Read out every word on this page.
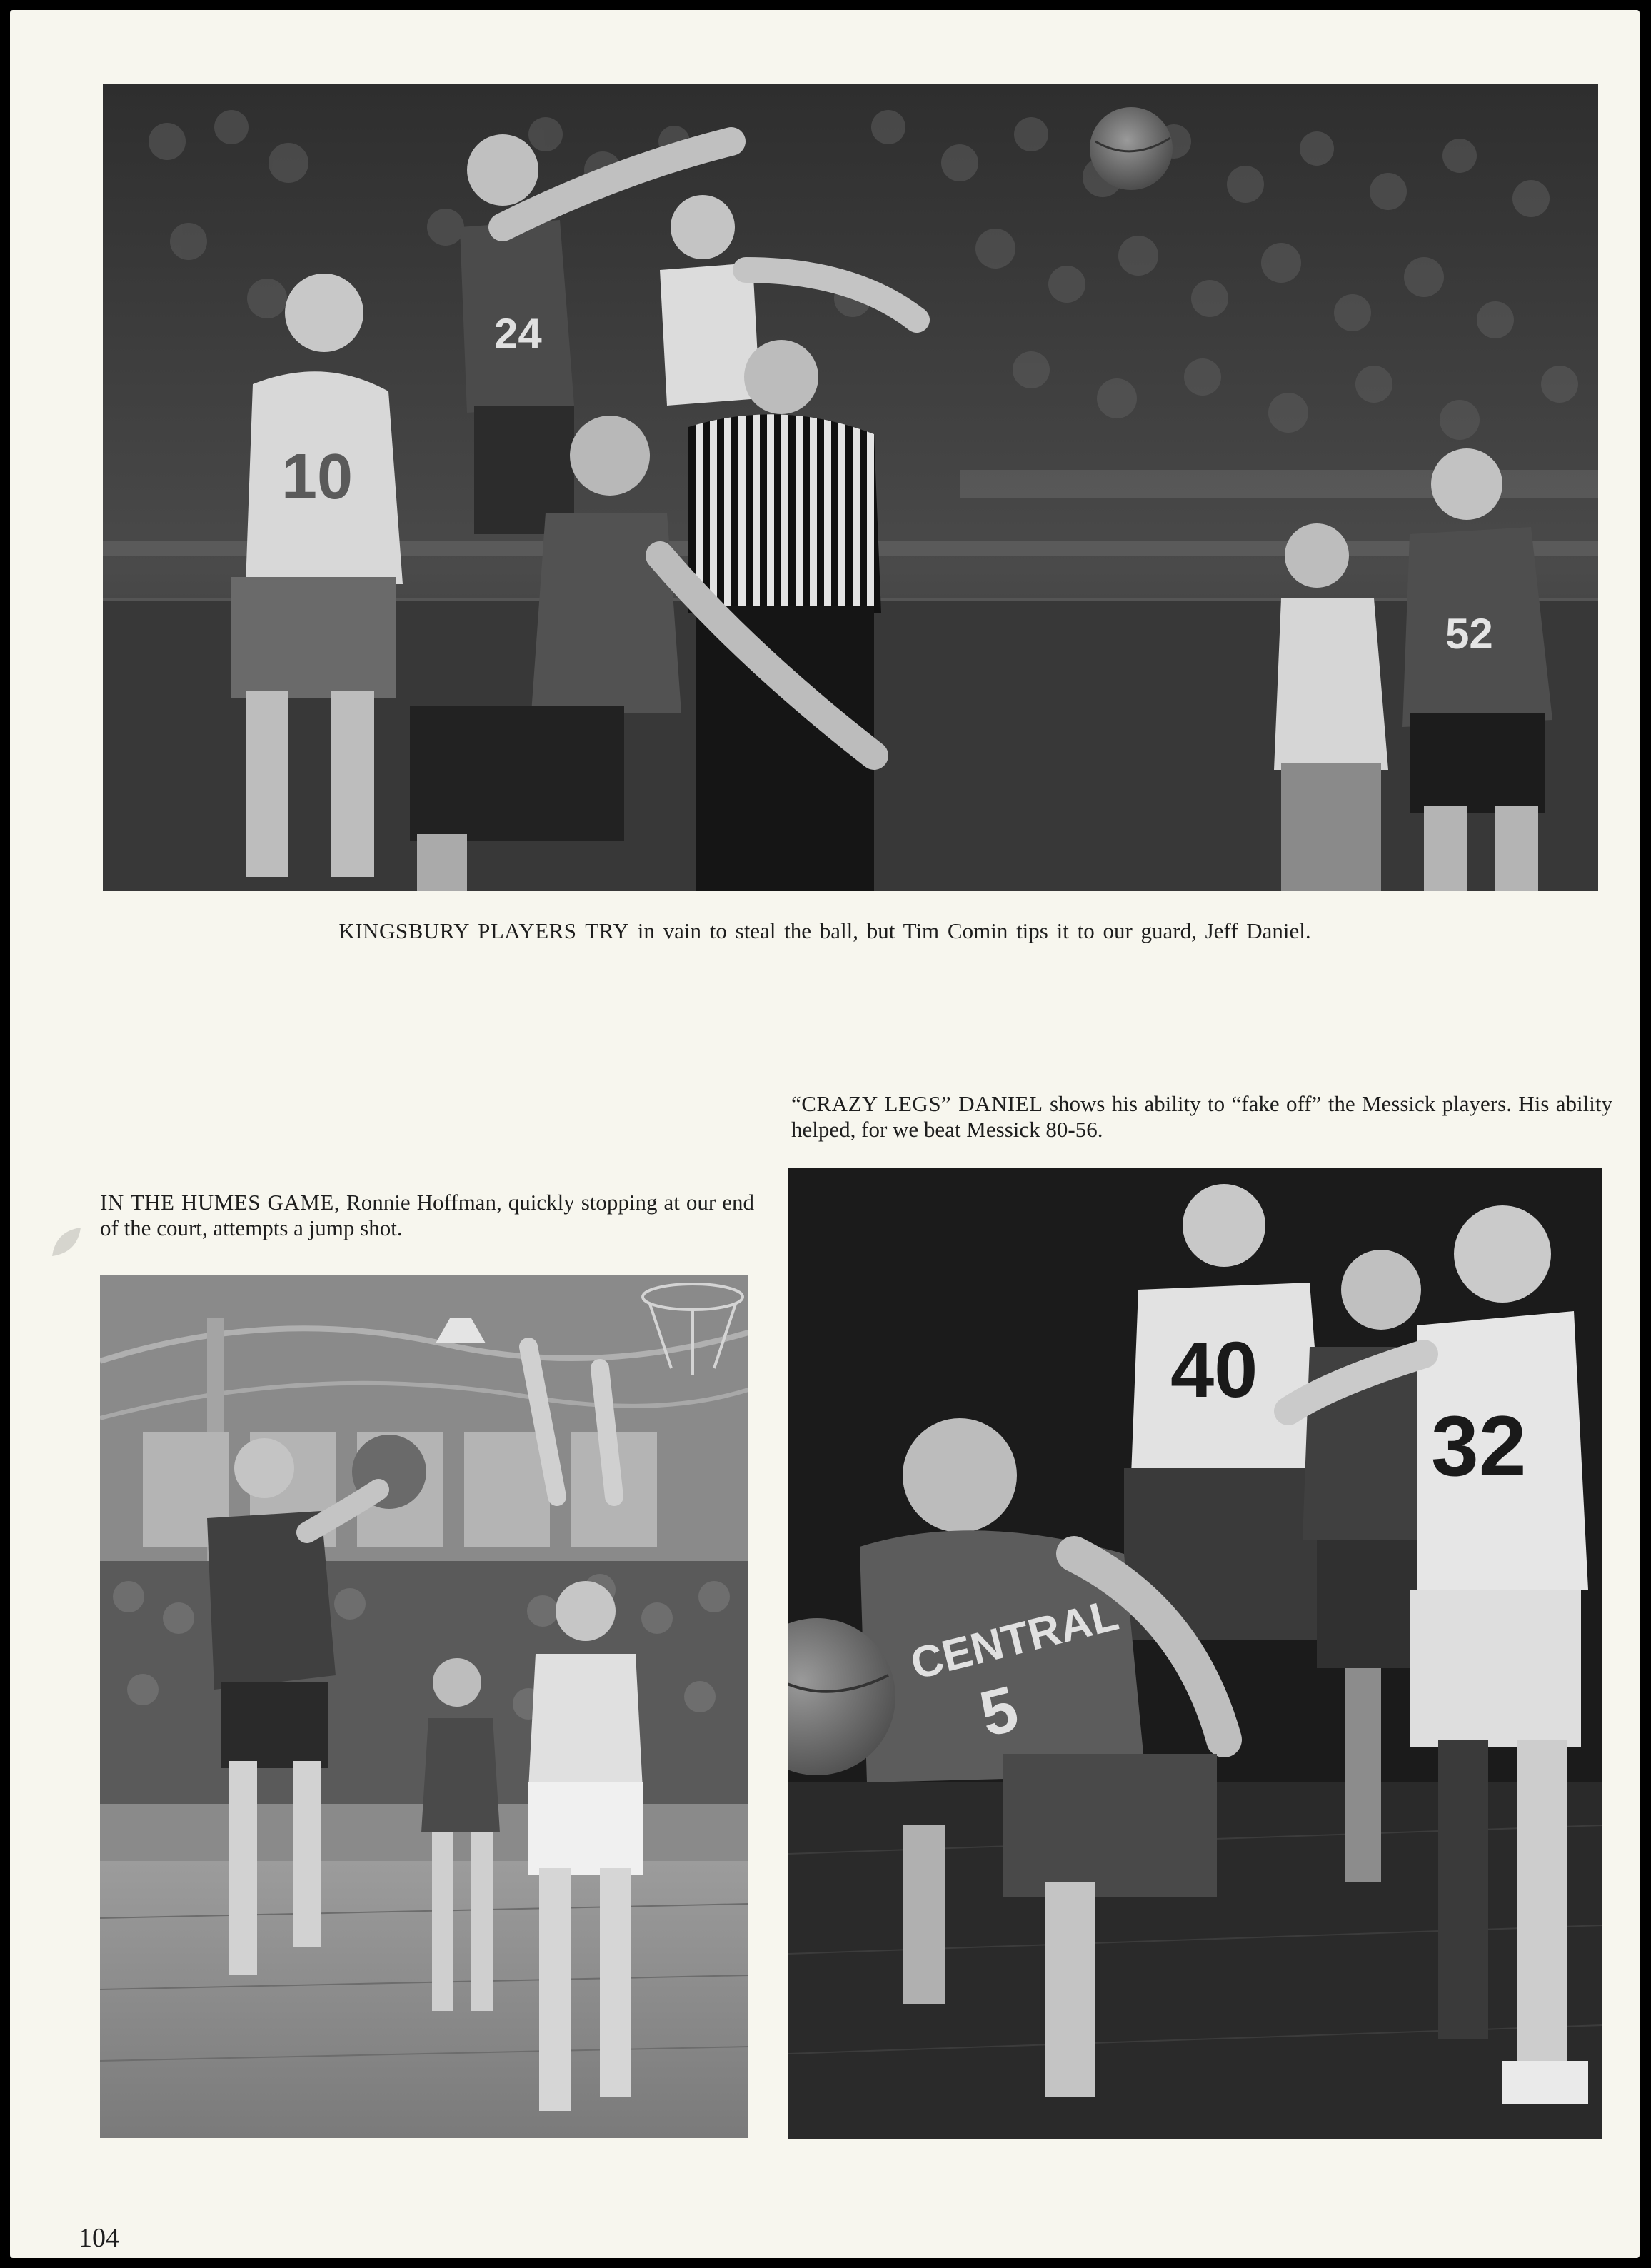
24
10
52

KINGSBURY PLAYERS TRY in vain to steal the ball, but Tim Comin tips it to our guard, Jeff Daniel.

“CRAZY LEGS” DANIEL shows his ability to “fake off” the Messick players. His ability helped, for we beat Messick 80-56.

IN THE HUMES GAME, Ronnie Hoffman, quickly stopping at our end of the court, attempts a jump shot.

40
32
CENTRAL
5

104
